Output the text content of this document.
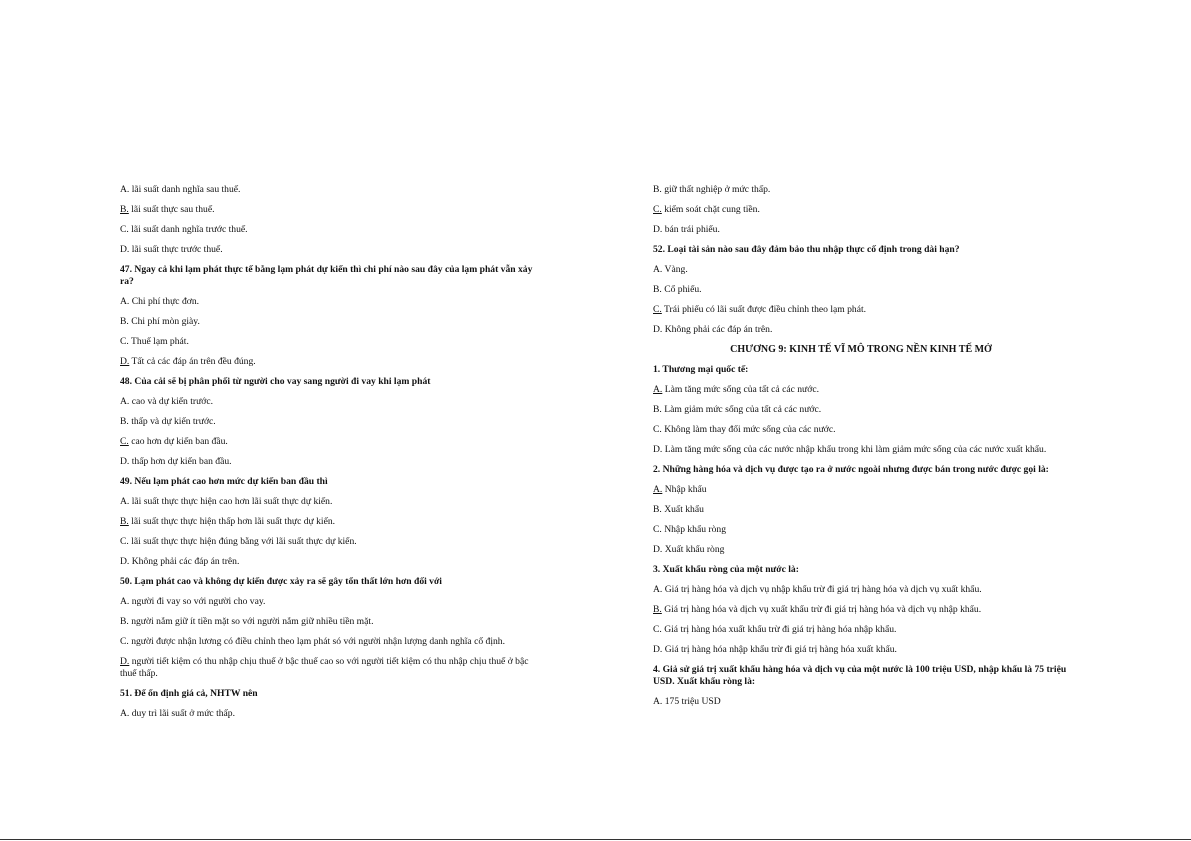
A. lãi suất danh nghĩa sau thuế.

B. lãi suất thực sau thuế.

C. lãi suất danh nghĩa trước thuế.

D. lãi suất thực trước thuế.

47. Ngay cả khi lạm phát thực tế bằng lạm phát dự kiến thì chi phí nào sau đây của lạm phát vẫn xảy ra?

A. Chi phí thực đơn.

B. Chi phí mòn giày.

C. Thuế lạm phát.

D. Tất cả các đáp án trên đều đúng.

48. Của cải sẽ bị phân phối từ người cho vay sang người đi vay khi lạm phát

A. cao và dự kiến trước.

B. thấp và dự kiến trước.

C. cao hơn dự kiến ban đầu.

D. thấp hơn dự kiến ban đầu.

49. Nếu lạm phát cao hơn mức dự kiến ban đầu thì

A. lãi suất thực thực hiện cao hơn lãi suất thực dự kiến.

B. lãi suất thực thực hiện thấp hơn lãi suất thực dự kiến.

C. lãi suất thực thực hiện đúng bằng với lãi suất thực dự kiến.

D. Không phải các đáp án trên.

50. Lạm phát cao và không dự kiến được xảy ra sẽ gây tổn thất lớn hơn đối với

A. người đi vay so với người cho vay.

B. người nắm giữ ít tiền mặt so với người nắm giữ nhiều tiền mặt.

C. người được nhận lương có điều chỉnh theo lạm phát só với người nhận lượng danh nghĩa cố định.

D. người tiết kiệm có thu nhập chịu thuế ở bậc thuế cao so với người tiết kiệm có thu nhập chịu thuế ở bậc thuế thấp.

51. Để ổn định giá cả, NHTW nên

A. duy trì lãi suất ở mức thấp.

B. giữ thất nghiệp ở mức thấp.

C. kiểm soát chặt cung tiền.

D. bán trái phiếu.

52. Loại tài sản nào sau đây đảm bảo thu nhập thực cố định trong dài hạn?

A. Vàng.

B. Cổ phiếu.

C. Trái phiếu có lãi suất được điều chỉnh theo lạm phát.

D. Không phải các đáp án trên.

CHƯƠNG 9: KINH TẾ VĨ MÔ TRONG NỀN KINH TẾ MỞ

1. Thương mại quốc tế:

A. Làm tăng mức sống của tất cả các nước.

B. Làm giảm mức sống của tất cả các nước.

C. Không làm thay đổi mức sống của các nước.

D. Làm tăng mức sống của các nước nhập khẩu trong khi làm giảm mức sống của các nước xuất khẩu.

2. Những hàng hóa và dịch vụ được tạo ra ở nước ngoài nhưng được bán trong nước được gọi là:

A. Nhập khẩu

B. Xuất khẩu

C. Nhập khẩu ròng

D. Xuất khẩu ròng

3. Xuất khẩu ròng của một nước là:

A. Giá trị hàng hóa và dịch vụ nhập khẩu trừ đi giá trị hàng hóa và dịch vụ xuất khẩu.

B. Giá trị hàng hóa và dịch vụ xuất khẩu trừ đi giá trị hàng hóa và dịch vụ nhập khẩu.

C. Giá trị hàng hóa xuất khẩu trừ đi giá trị hàng hóa nhập khẩu.

D. Giá trị hàng hóa nhập khẩu trừ đi giá trị hàng hóa xuất khẩu.

4. Giả sử giá trị xuất khẩu hàng hóa và dịch vụ của một nước là 100 triệu USD, nhập khẩu là 75 triệu USD. Xuất khẩu ròng là:

A. 175 triệu USD
